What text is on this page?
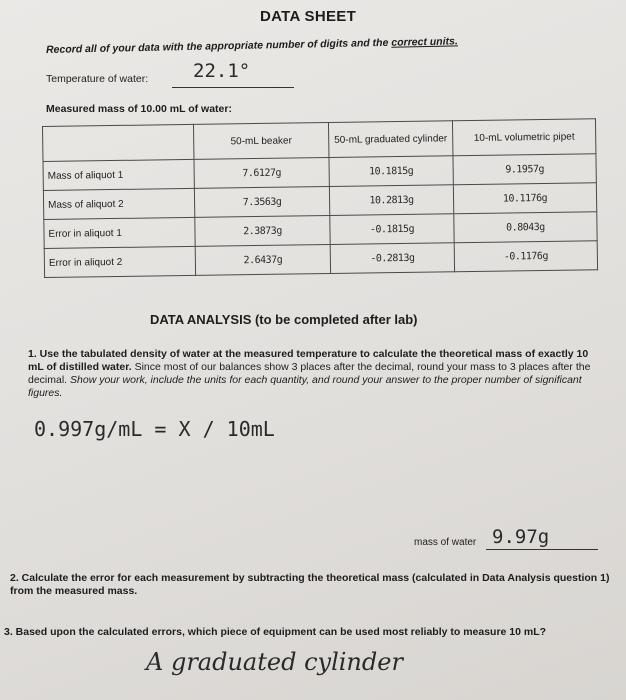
DATA SHEET
Record all of your data with the appropriate number of digits and the correct units.
Temperature of water: 22.1°
Measured mass of 10.00 mL of water:
	50-mL beaker	50-mL graduated cylinder	10-mL volumetric pipet
Mass of aliquot 1	7.6127g	10.1815g	9.1957g
Mass of aliquot 2	7.3563g	10.2813g	10.1176g
Error in aliquot 1	2.3873g	-0.1815g	0.8043g
Error in aliquot 2	2.6437g	-0.2813g	-0.1176g
DATA ANALYSIS (to be completed after lab)
1. Use the tabulated density of water at the measured temperature to calculate the theoretical mass of exactly 10 mL of distilled water. Since most of our balances show 3 places after the decimal, round your mass to 3 places after the decimal. Show your work, include the units for each quantity, and round your answer to the proper number of significant figures.
0.997g/mL = X / 10mL
mass of water 9.97g
2. Calculate the error for each measurement by subtracting the theoretical mass (calculated in Data Analysis question 1) from the measured mass.
3. Based upon the calculated errors, which piece of equipment can be used most reliably to measure 10 mL?
A graduated cylinder
